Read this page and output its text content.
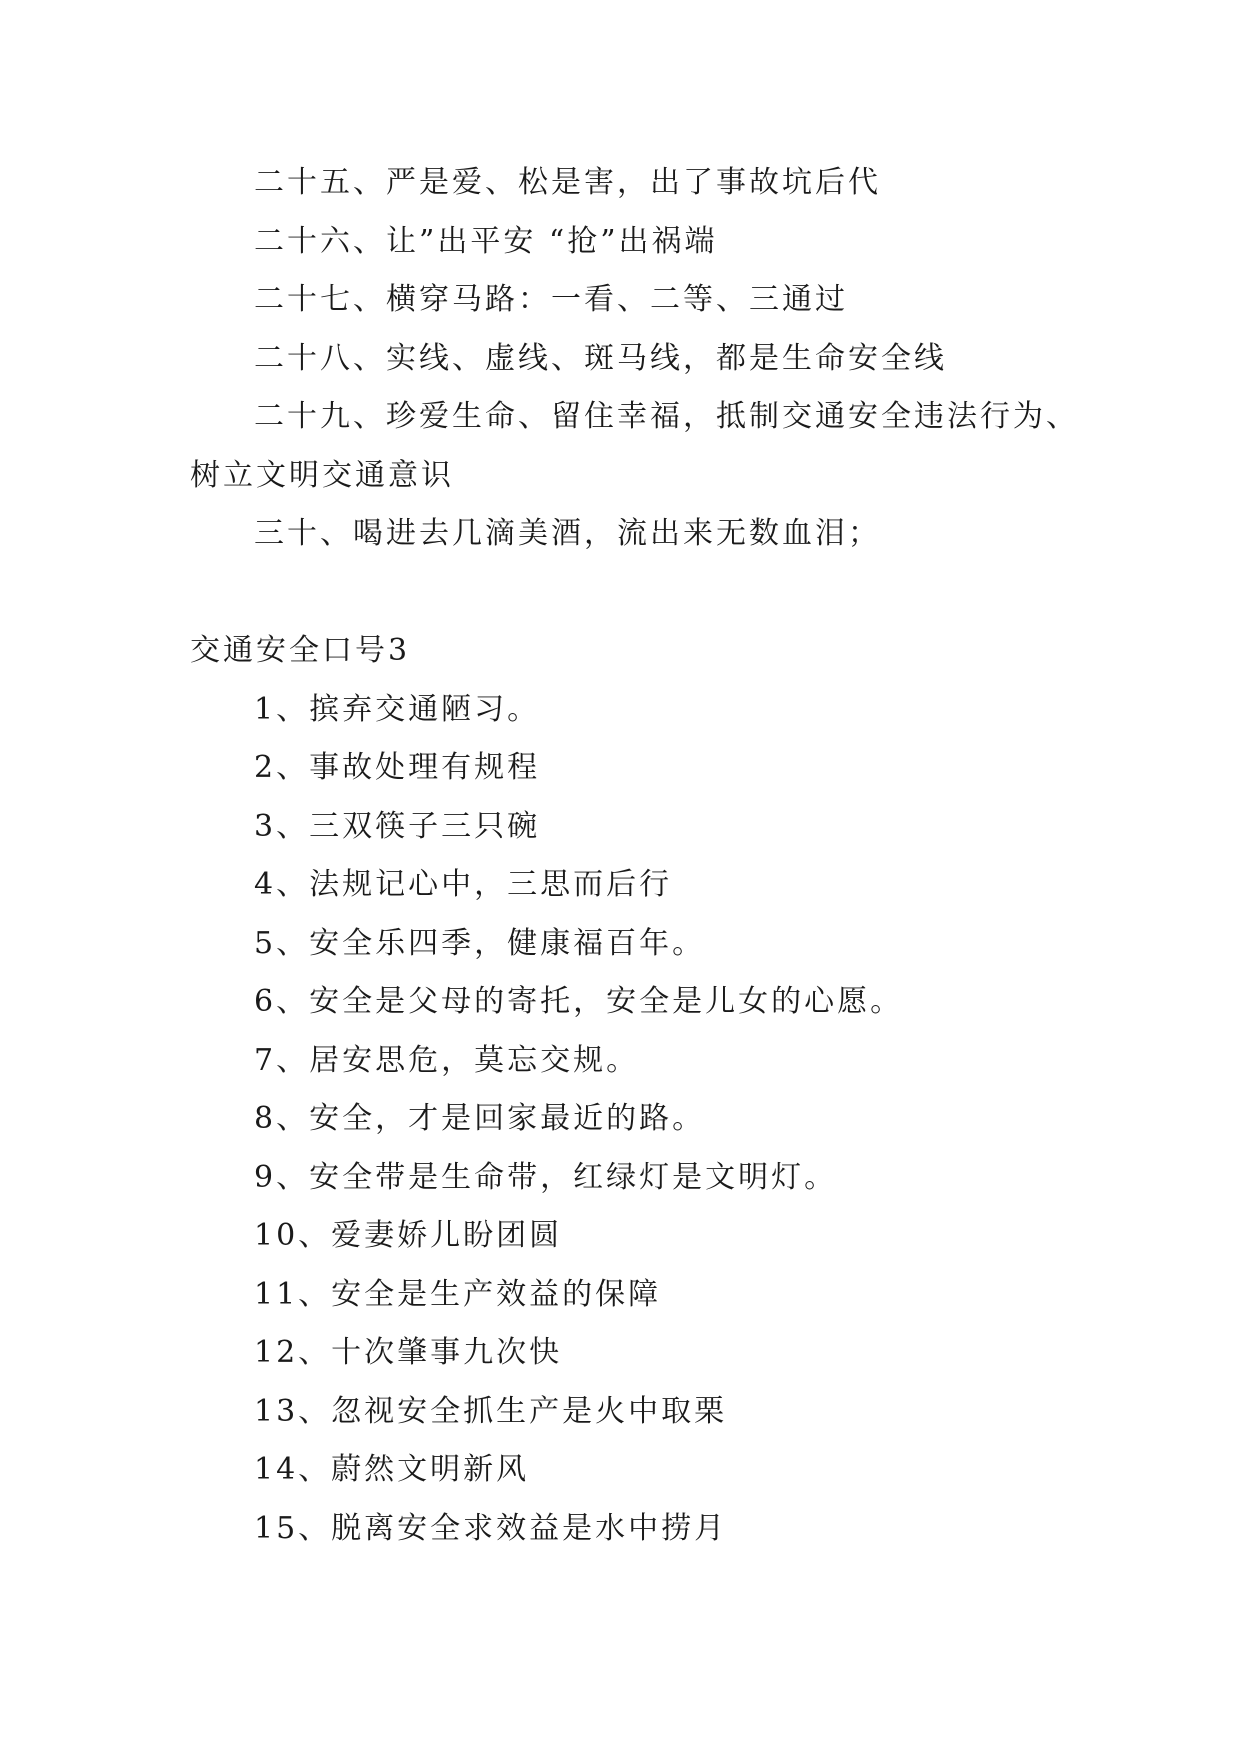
二十五、严是爱、松是害，出了事故坑后代

二十六、让”出平安 “抢”出祸端

二十七、横穿马路：一看、二等、三通过

二十八、实线、虚线、斑马线，都是生命安全线

二十九、珍爱生命、留住幸福，抵制交通安全违法行为、

树立文明交通意识

三十、喝进去几滴美酒，流出来无数血泪；

交通安全口号3

1、摈弃交通陋习。

2、事故处理有规程

3、三双筷子三只碗

4、法规记心中，三思而后行

5、安全乐四季，健康福百年。

6、安全是父母的寄托，安全是儿女的心愿。

7、居安思危，莫忘交规。

8、安全，才是回家最近的路。

9、安全带是生命带，红绿灯是文明灯。

10、爱妻娇儿盼团圆

11、安全是生产效益的保障

12、十次肇事九次快

13、忽视安全抓生产是火中取栗

14、蔚然文明新风

15、脱离安全求效益是水中捞月
